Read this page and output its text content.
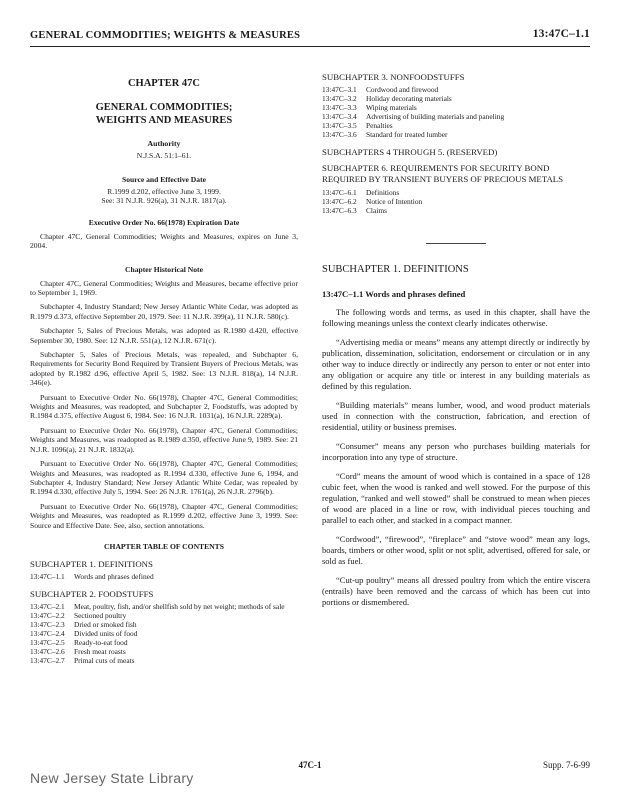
GENERAL COMMODITIES; WEIGHTS & MEASURES	13:47C–1.1
CHAPTER 47C
GENERAL COMMODITIES; WEIGHTS AND MEASURES
Authority
N.J.S.A. 51:1–61.
Source and Effective Date
R.1999 d.202, effective June 3, 1999.
See: 31 N.J.R. 926(a), 31 N.J.R. 1817(a).
Executive Order No. 66(1978) Expiration Date

Chapter 47C, General Commodities; Weights and Measures, expires on June 3, 2004.

Chapter Historical Note

Chapter 47C, General Commodities; Weights and Measures, became effective prior to September 1, 1969.

Subchapter 4, Industry Standard; New Jersey Atlantic White Cedar, was adopted as R.1979 d.373, effective September 20, 1979. See: 11 N.J.R. 399(a), 11 N.J.R. 580(c).

Subchapter 5, Sales of Precious Metals, was adopted as R.1980 d.420, effective September 30, 1980. See: 12 N.J.R. 551(a), 12 N.J.R. 671(c).

Subchapter 5, Sales of Precious Metals, was repealed, and Subchapter 6, Requirements for Security Bond Required by Transient Buyers of Precious Metals, was adopted by R.1982 d.96, effective April 5, 1982. See: 13 N.J.R. 818(a), 14 N.J.R. 346(e).

Pursuant to Executive Order No. 66(1978), Chapter 47C, General Commodities; Weights and Measures, was readopted, and Subchapter 2, Foodstuffs, was adopted by R.1984 d.375, effective August 6, 1984. See: 16 N.J.R. 1031(a), 16 N.J.R. 2289(a).

Pursuant to Executive Order No. 66(1978), Chapter 47C, General Commodities; Weights and Measures, was readopted as R.1989 d.350, effective June 9, 1989. See: 21 N.J.R. 1096(a), 21 N.J.R. 1832(a).

Pursuant to Executive Order No. 66(1978), Chapter 47C, General Commodities; Weights and Measures, was readopted as R.1994 d.330, effective June 6, 1994, and Subchapter 4, Industry Standard; New Jersey Atlantic White Cedar, was repealed by R.1994 d.330, effective July 5, 1994. See: 26 N.J.R. 1761(a), 26 N.J.R. 2796(b).

Pursuant to Executive Order No. 66(1978), Chapter 47C, General Commodities; Weights and Measures, was readopted as R.1999 d.202, effective June 3, 1999. See: Source and Effective Date. See, also, section annotations.

CHAPTER TABLE OF CONTENTS
SUBCHAPTER 1. DEFINITIONS
13:47C–1.1	Words and phrases defined
SUBCHAPTER 2. FOODSTUFFS
13:47C–2.1	Meat, poultry, fish, and/or shellfish sold by net weight; methods of sale
13:47C–2.2	Sectioned poultry
13:47C–2.3	Dried or smoked fish
13:47C–2.4	Divided units of food
13:47C–2.5	Ready-to-eat food
13:47C–2.6	Fresh meat roasts
13:47C–2.7	Primal cuts of meats
SUBCHAPTER 3. NONFOODSTUFFS
13:47C–3.1	Cordwood and firewood
13:47C–3.2	Holiday decorating materials
13:47C–3.3	Wiping materials
13:47C–3.4	Advertising of building materials and paneling
13:47C–3.5	Penalties
13:47C–3.6	Standard for treated lumber
SUBCHAPTERS 4 THROUGH 5. (RESERVED)
SUBCHAPTER 6. REQUIREMENTS FOR SECURITY BOND REQUIRED BY TRANSIENT BUYERS OF PRECIOUS METALS
13:47C–6.1	Definitions
13:47C–6.2	Notice of Intention
13:47C–6.3	Claims
SUBCHAPTER 1. DEFINITIONS
13:47C–1.1 Words and phrases defined

The following words and terms, as used in this chapter, shall have the following meanings unless the context clearly indicates otherwise.

“Advertising media or means” means any attempt directly or indirectly by publication, dissemination, solicitation, endorsement or circulation or in any other way to induce directly or indirectly any person to enter or not enter into any obligation or acquire any title or interest in any building materials as defined by this regulation.

“Building materials” means lumber, wood, and wood product materials used in connection with the construction, fabrication, and erection of residential, utility or business premises.

“Consumer” means any person who purchases building materials for incorporation into any type of structure.

“Cord” means the amount of wood which is contained in a space of 128 cubic feet, when the wood is ranked and well stowed. For the purpose of this regulation, “ranked and well stowed” shall be construed to mean when pieces of wood are placed in a line or row, with individual pieces touching and parallel to each other, and stacked in a compact manner.

“Cordwood”, “firewood”, “fireplace” and “stove wood” mean any logs, boards, timbers or other wood, split or not split, advertised, offered for sale, or sold as fuel.

“Cut-up poultry” means all dressed poultry from which the entire viscera (entrails) have been removed and the carcass of which has been cut into portions or dismembered.

47C-1	Supp. 7-6-99
New Jersey State Library
